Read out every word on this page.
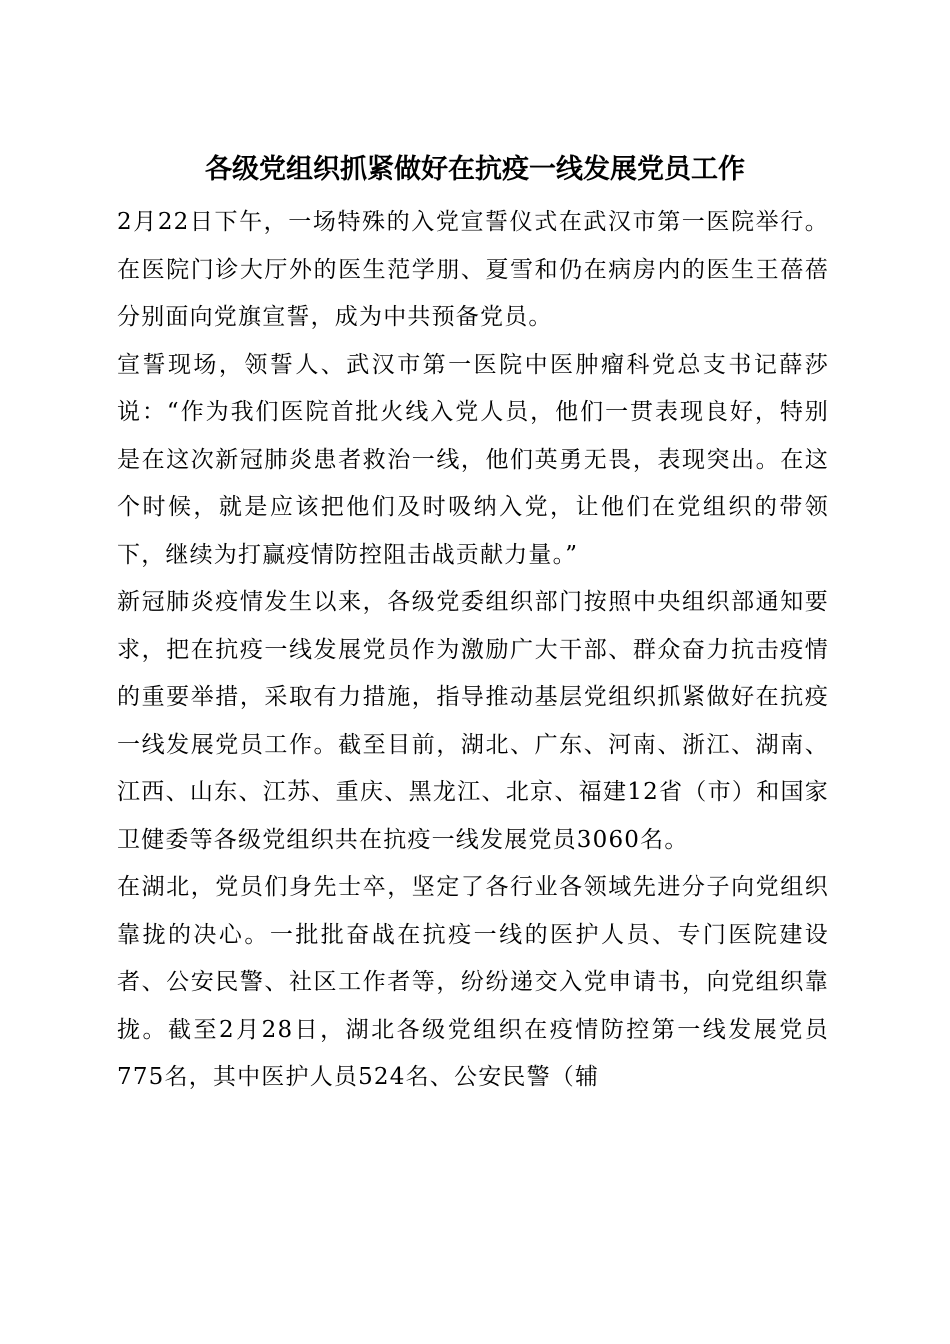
各级党组织抓紧做好在抗疫一线发展党员工作

2月22日下午，一场特殊的入党宣誓仪式在武汉市第一医院举行。在医院门诊大厅外的医生范学朋、夏雪和仍在病房内的医生王蓓蓓分别面向党旗宣誓，成为中共预备党员。

宣誓现场，领誓人、武汉市第一医院中医肿瘤科党总支书记薛莎说：“作为我们医院首批火线入党人员，他们一贯表现良好，特别是在这次新冠肺炎患者救治一线，他们英勇无畏，表现突出。在这个时候，就是应该把他们及时吸纳入党，让他们在党组织的带领下，继续为打赢疫情防控阻击战贡献力量。”

新冠肺炎疫情发生以来，各级党委组织部门按照中央组织部通知要求，把在抗疫一线发展党员作为激励广大干部、群众奋力抗击疫情的重要举措，采取有力措施，指导推动基层党组织抓紧做好在抗疫一线发展党员工作。截至目前，湖北、广东、河南、浙江、湖南、江西、山东、江苏、重庆、黑龙江、北京、福建12省（市）和国家卫健委等各级党组织共在抗疫一线发展党员3060名。

在湖北，党员们身先士卒，坚定了各行业各领域先进分子向党组织靠拢的决心。一批批奋战在抗疫一线的医护人员、专门医院建设者、公安民警、社区工作者等，纷纷递交入党申请书，向党组织靠拢。截至2月28日，湖北各级党组织在疫情防控第一线发展党员775名，其中医护人员524名、公安民警（辅
